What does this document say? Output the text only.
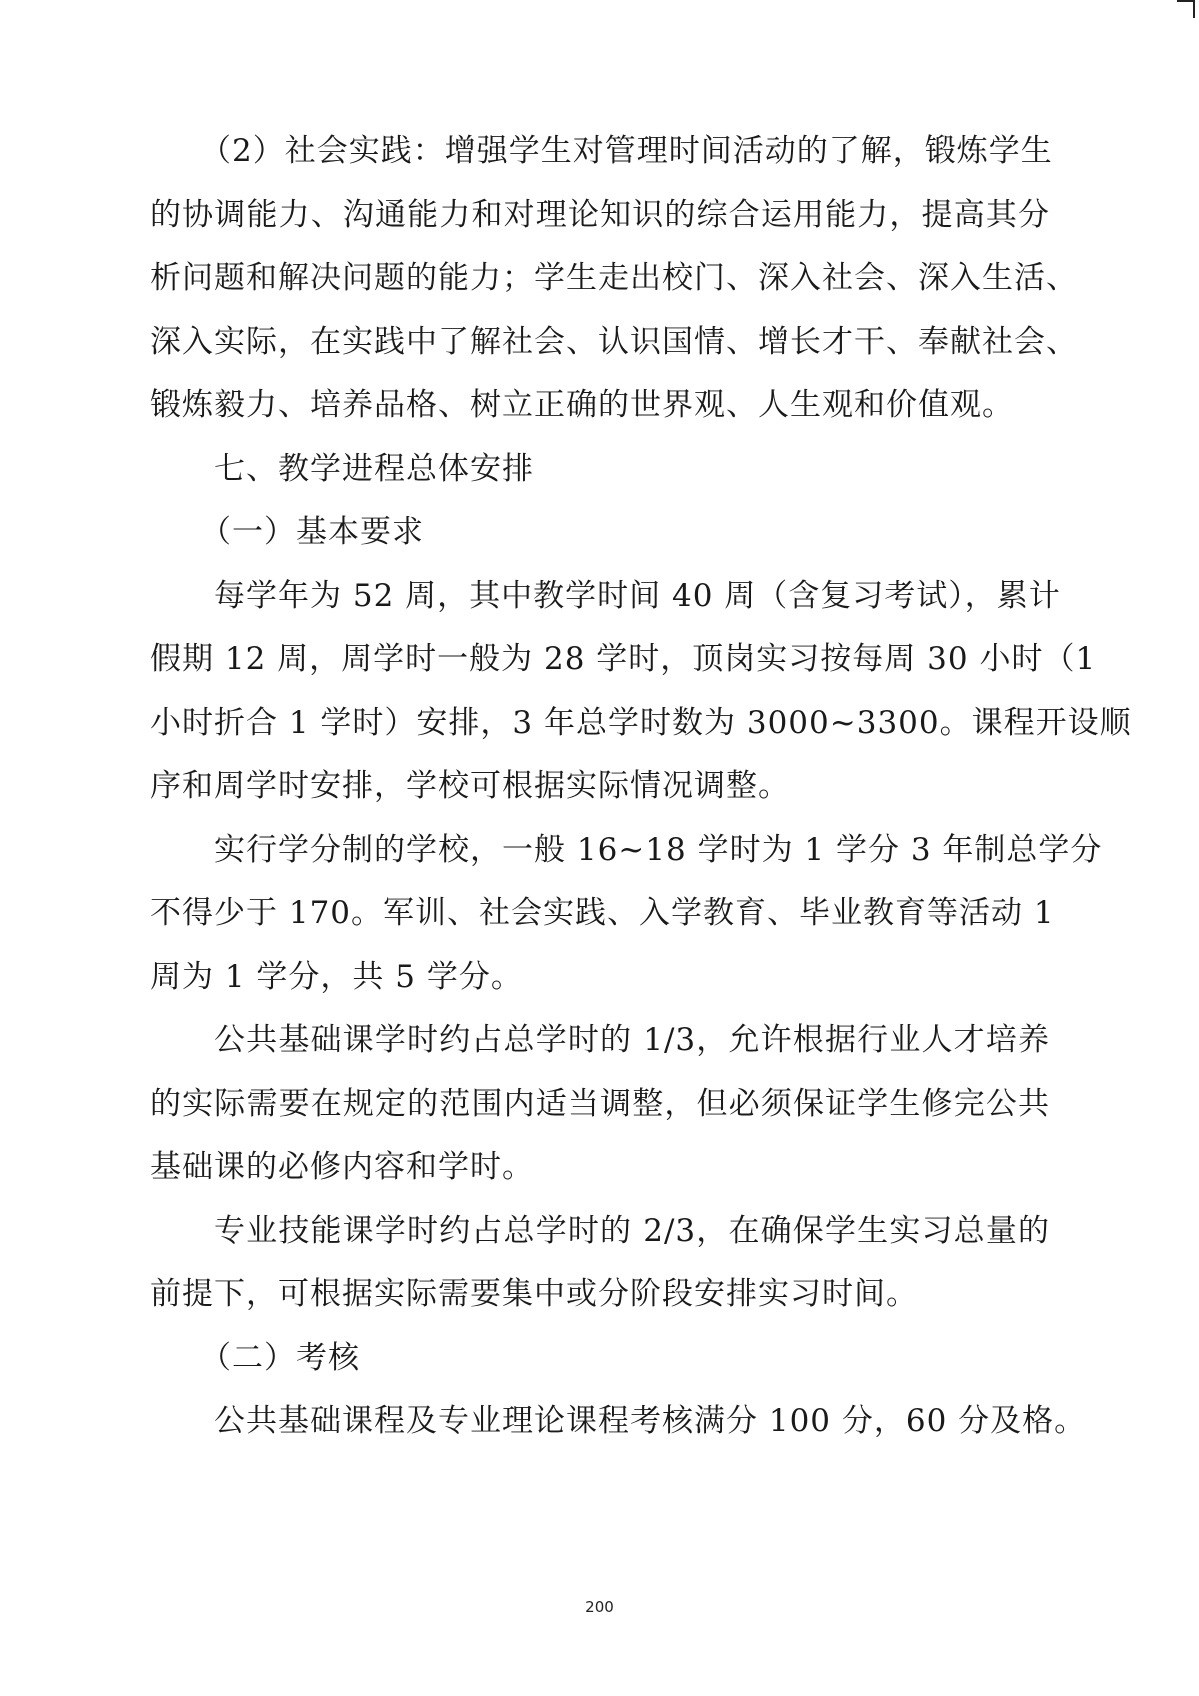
（2）社会实践：增强学生对管理时间活动的了解，锻炼学生
的协调能力、沟通能力和对理论知识的综合运用能力，提高其分
析问题和解决问题的能力；学生走出校门、深入社会、深入生活、
深入实际，在实践中了解社会、认识国情、增长才干、奉献社会、
锻炼毅力、培养品格、树立正确的世界观、人生观和价值观。
七、教学进程总体安排
（一）基本要求
每学年为 52 周，其中教学时间 40 周（含复习考试），累计
假期 12 周，周学时一般为 28 学时，顶岗实习按每周 30 小时（1
小时折合 1 学时）安排，3 年总学时数为 3000~3300。课程开设顺
序和周学时安排，学校可根据实际情况调整。
实行学分制的学校，一般 16~18 学时为 1 学分 3 年制总学分
不得少于 170。军训、社会实践、入学教育、毕业教育等活动 1
周为 1 学分，共 5 学分。
公共基础课学时约占总学时的 1/3，允许根据行业人才培养
的实际需要在规定的范围内适当调整，但必须保证学生修完公共
基础课的必修内容和学时。
专业技能课学时约占总学时的 2/3，在确保学生实习总量的
前提下，可根据实际需要集中或分阶段安排实习时间。
（二）考核
公共基础课程及专业理论课程考核满分 100 分，60 分及格。
200
